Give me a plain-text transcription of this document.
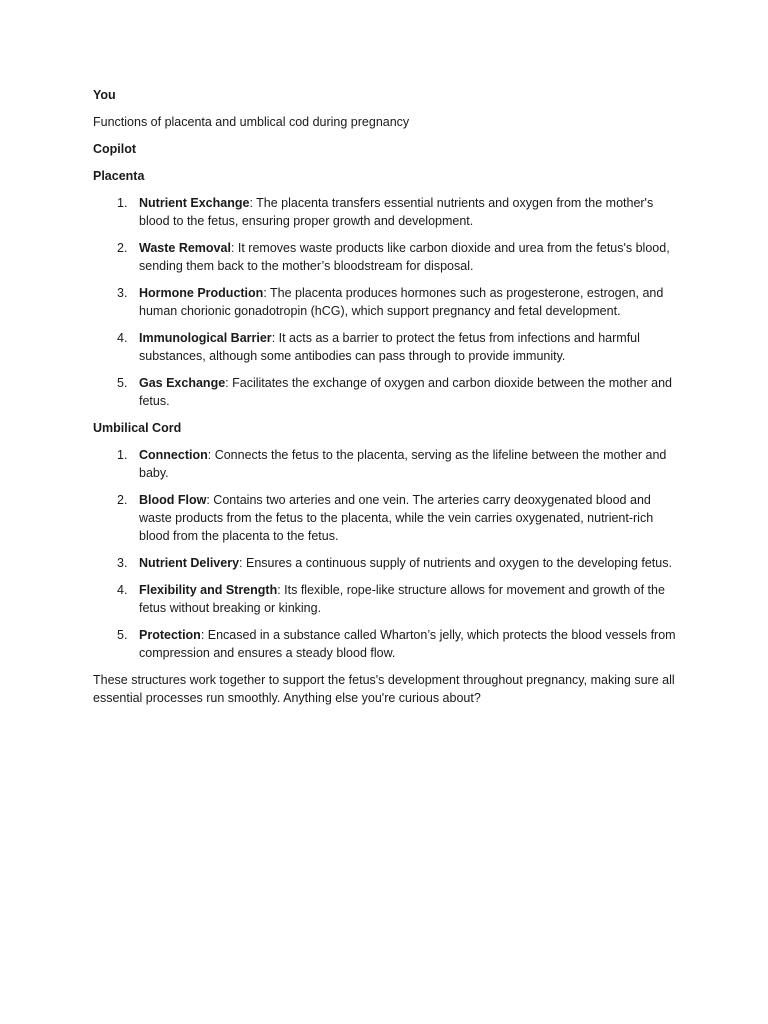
You

Functions of placenta and umblical cod during pregnancy

Copilot

Placenta

1. Nutrient Exchange: The placenta transfers essential nutrients and oxygen from the mother's blood to the fetus, ensuring proper growth and development.
2. Waste Removal: It removes waste products like carbon dioxide and urea from the fetus's blood, sending them back to the mother’s bloodstream for disposal.
3. Hormone Production: The placenta produces hormones such as progesterone, estrogen, and human chorionic gonadotropin (hCG), which support pregnancy and fetal development.
4. Immunological Barrier: It acts as a barrier to protect the fetus from infections and harmful substances, although some antibodies can pass through to provide immunity.
5. Gas Exchange: Facilitates the exchange of oxygen and carbon dioxide between the mother and fetus.

Umbilical Cord

1. Connection: Connects the fetus to the placenta, serving as the lifeline between the mother and baby.
2. Blood Flow: Contains two arteries and one vein. The arteries carry deoxygenated blood and waste products from the fetus to the placenta, while the vein carries oxygenated, nutrient-rich blood from the placenta to the fetus.
3. Nutrient Delivery: Ensures a continuous supply of nutrients and oxygen to the developing fetus.
4. Flexibility and Strength: Its flexible, rope-like structure allows for movement and growth of the fetus without breaking or kinking.
5. Protection: Encased in a substance called Wharton’s jelly, which protects the blood vessels from compression and ensures a steady blood flow.

These structures work together to support the fetus's development throughout pregnancy, making sure all essential processes run smoothly. Anything else you're curious about?
